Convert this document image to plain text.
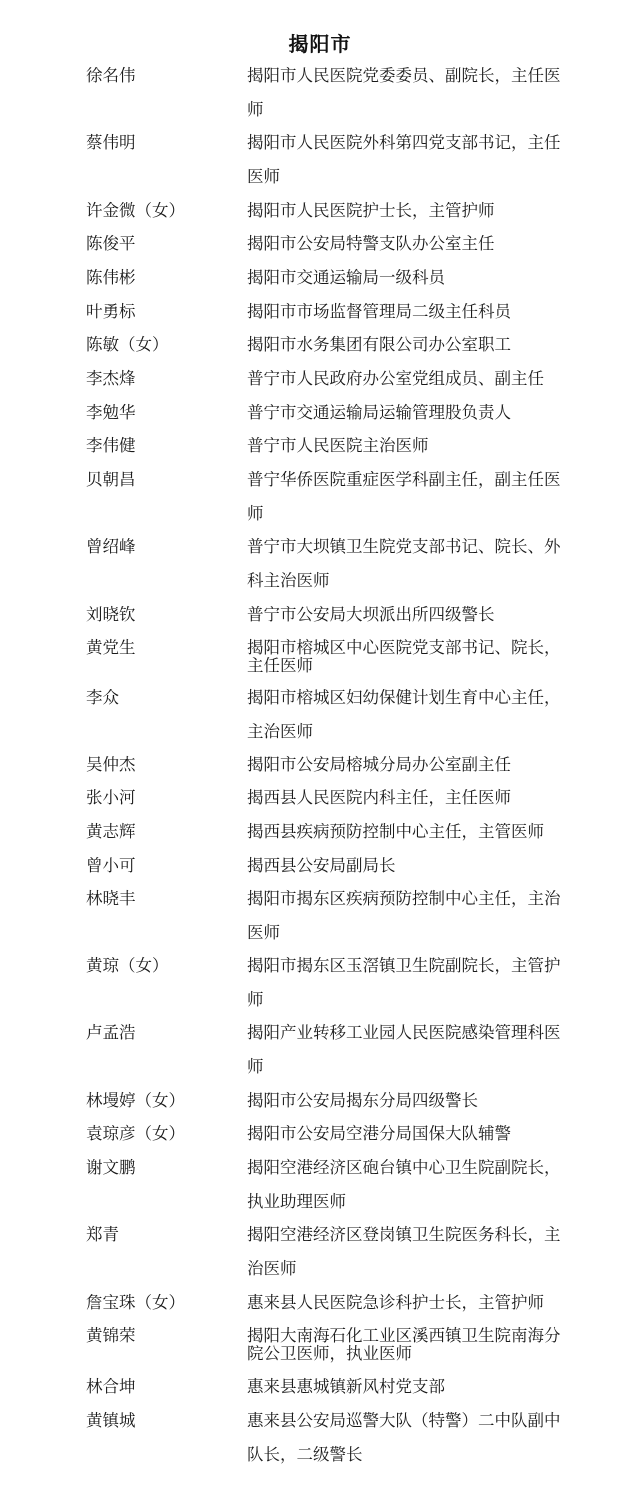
揭阳市
徐名伟	揭阳市人民医院党委委员、副院长，主任医师
蔡伟明	揭阳市人民医院外科第四党支部书记，主任医师
许金微（女）	揭阳市人民医院护士长，主管护师
陈俊平	揭阳市公安局特警支队办公室主任
陈伟彬	揭阳市交通运输局一级科员
叶勇标	揭阳市市场监督管理局二级主任科员
陈敏（女）	揭阳市水务集团有限公司办公室职工
李杰烽	普宁市人民政府办公室党组成员、副主任
李勉华	普宁市交通运输局运输管理股负责人
李伟健	普宁市人民医院主治医师
贝朝昌	普宁华侨医院重症医学科副主任，副主任医师
曾绍峰	普宁市大坝镇卫生院党支部书记、院长、外科主治医师
刘晓钦	普宁市公安局大坝派出所四级警长
黄党生	揭阳市榕城区中心医院党支部书记、院长，主任医师
李众	揭阳市榕城区妇幼保健计划生育中心主任，主治医师
吴仲杰	揭阳市公安局榕城分局办公室副主任
张小河	揭西县人民医院内科主任，主任医师
黄志辉	揭西县疾病预防控制中心主任，主管医师
曾小可	揭西县公安局副局长
林晓丰	揭阳市揭东区疾病预防控制中心主任，主治医师
黄琼（女）	揭阳市揭东区玉滘镇卫生院副院长，主管护师
卢孟浩	揭阳产业转移工业园人民医院感染管理科医师
林墁婷（女）	揭阳市公安局揭东分局四级警长
袁琼彦（女）	揭阳市公安局空港分局国保大队辅警
谢文鹏	揭阳空港经济区砲台镇中心卫生院副院长，执业助理医师
郑青	揭阳空港经济区登岗镇卫生院医务科长，主治医师
詹宝珠（女）	惠来县人民医院急诊科护士长，主管护师
黄锦荣	揭阳大南海石化工业区溪西镇卫生院南海分院公卫医师，执业医师
林合坤	惠来县惠城镇新风村党支部
黄镇城	惠来县公安局巡警大队（特警）二中队副中队长，二级警长
